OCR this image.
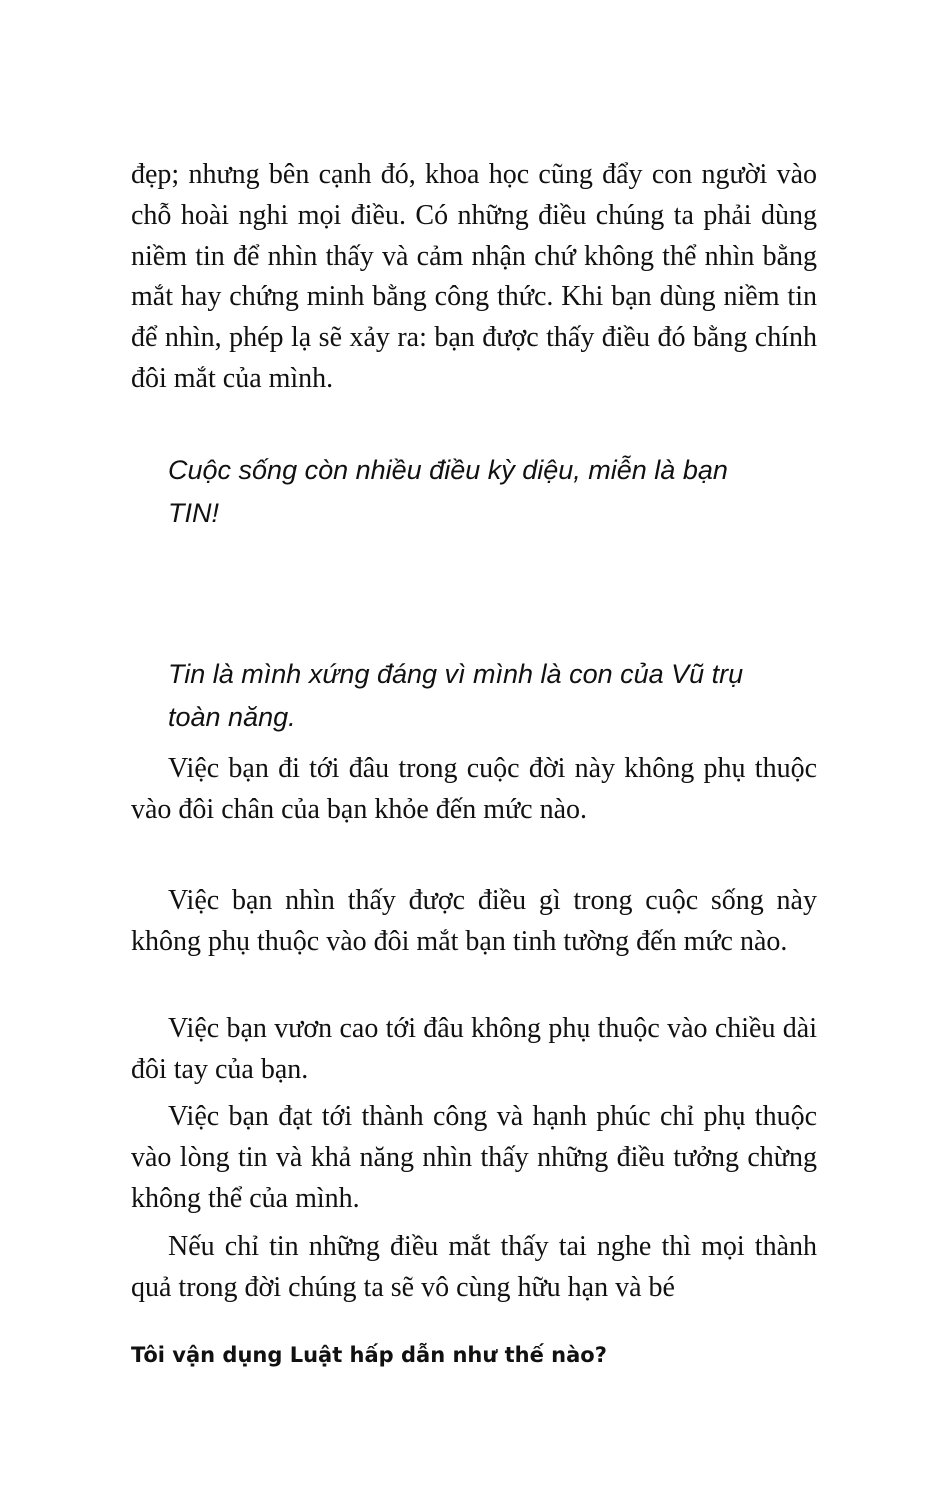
đẹp; nhưng bên cạnh đó, khoa học cũng đẩy con người vào chỗ hoài nghi mọi điều. Có những điều chúng ta phải dùng niềm tin để nhìn thấy và cảm nhận chứ không thể nhìn bằng mắt hay chứng minh bằng công thức. Khi bạn dùng niềm tin để nhìn, phép lạ sẽ xảy ra: bạn được thấy điều đó bằng chính đôi mắt của mình.

Cuộc sống còn nhiều điều kỳ diệu, miễn là bạn TIN!

Tin là mình xứng đáng vì mình là con của Vũ trụ toàn năng.

Việc bạn đi tới đâu trong cuộc đời này không phụ thuộc vào đôi chân của bạn khỏe đến mức nào.

Việc bạn nhìn thấy được điều gì trong cuộc sống này không phụ thuộc vào đôi mắt bạn tinh tường đến mức nào.

Việc bạn vươn cao tới đâu không phụ thuộc vào chiều dài đôi tay của bạn.

Việc bạn đạt tới thành công và hạnh phúc chỉ phụ thuộc vào lòng tin và khả năng nhìn thấy những điều tưởng chừng không thể của mình.

Nếu chỉ tin những điều mắt thấy tai nghe thì mọi thành quả trong đời chúng ta sẽ vô cùng hữu hạn và bé

Tôi vận dụng Luật hấp dẫn như thế nào?
